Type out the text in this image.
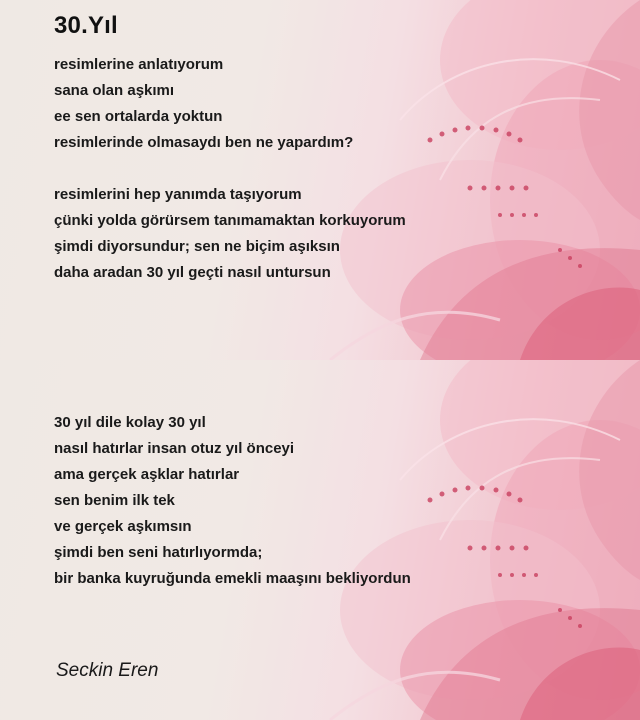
30.Yıl
resimlerine anlatıyorum
sana olan aşkımı
ee sen ortalarda yoktun
resimlerinde olmasaydı ben ne yapardım?
resimlerini hep yanımda taşıyorum
çünki yolda görürsem tanımamaktan korkuyorum
şimdi diyorsundur; sen ne biçim aşıksın
daha aradan 30 yıl geçti nasıl untursun
30 yıl dile kolay 30 yıl
nasıl hatırlar insan otuz yıl önceyi
ama gerçek aşklar hatırlar
sen benim ilk tek
ve gerçek aşkımsın
şimdi ben seni hatırlıyormda;
bir banka kuyruğunda emekli maaşını bekliyordun

Seckin Eren
